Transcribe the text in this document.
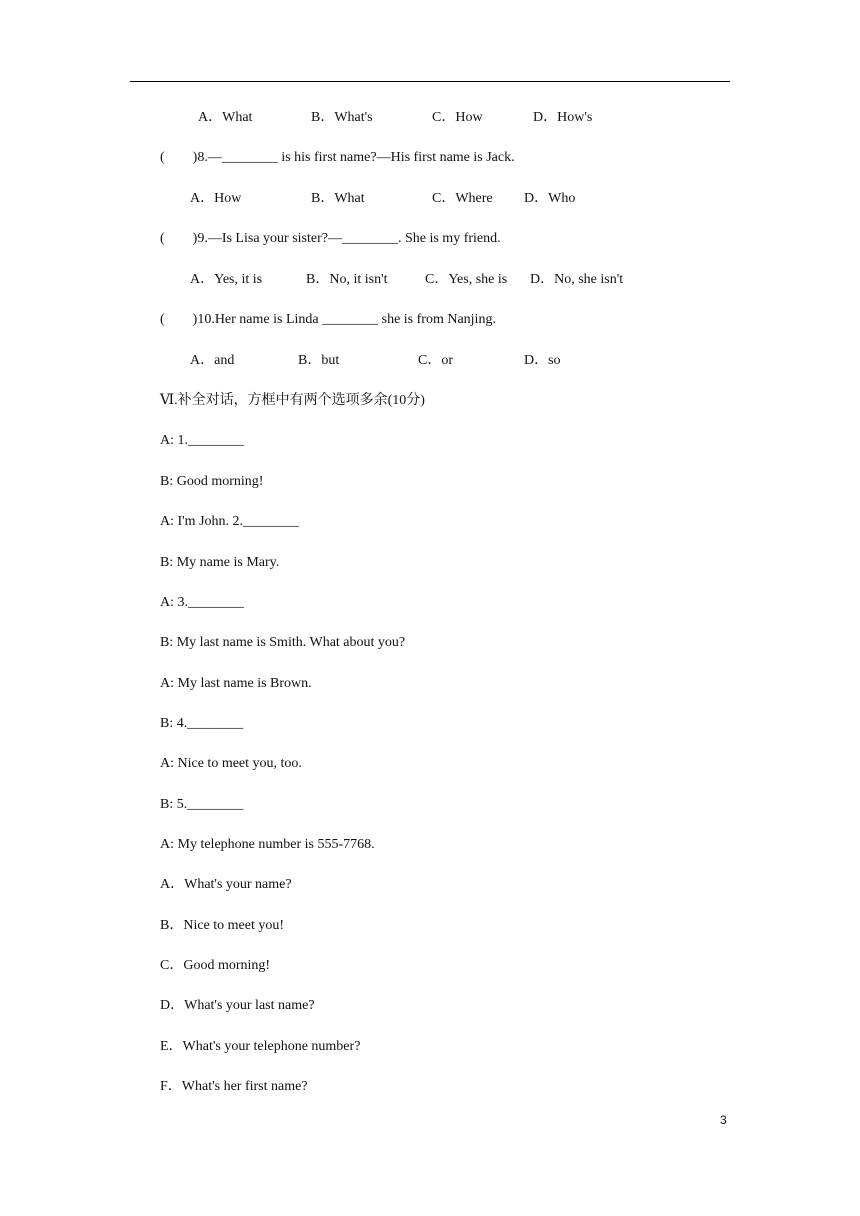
A．What	B．What's	C．How	D．How's
(　　)8.—________ is his first name?—His first name is Jack.
A．How	B．What	C．Where D．Who
(　　)9.—Is Lisa your sister?—________. She is my friend.
A．Yes, it is	B．No, it isn't	C．Yes, she is D．No, she isn't
(　　)10.Her name is Linda ________ she is from Nanjing.
A．and	B．but	C．or	D．so
Ⅵ.补全对话，方框中有两个选项多余(10分)
A: 1.________
B: Good morning!
A: I'm John. 2.________
B: My name is Mary.
A: 3.________
B: My last name is Smith. What about you?
A: My last name is Brown.
B: 4.________
A: Nice to meet you, too.
B: 5.________
A: My telephone number is 555-7768.
A．What's your name?
B．Nice to meet you!
C．Good morning!
D．What's your last name?
E．What's your telephone number?
F．What's her first name?
3
